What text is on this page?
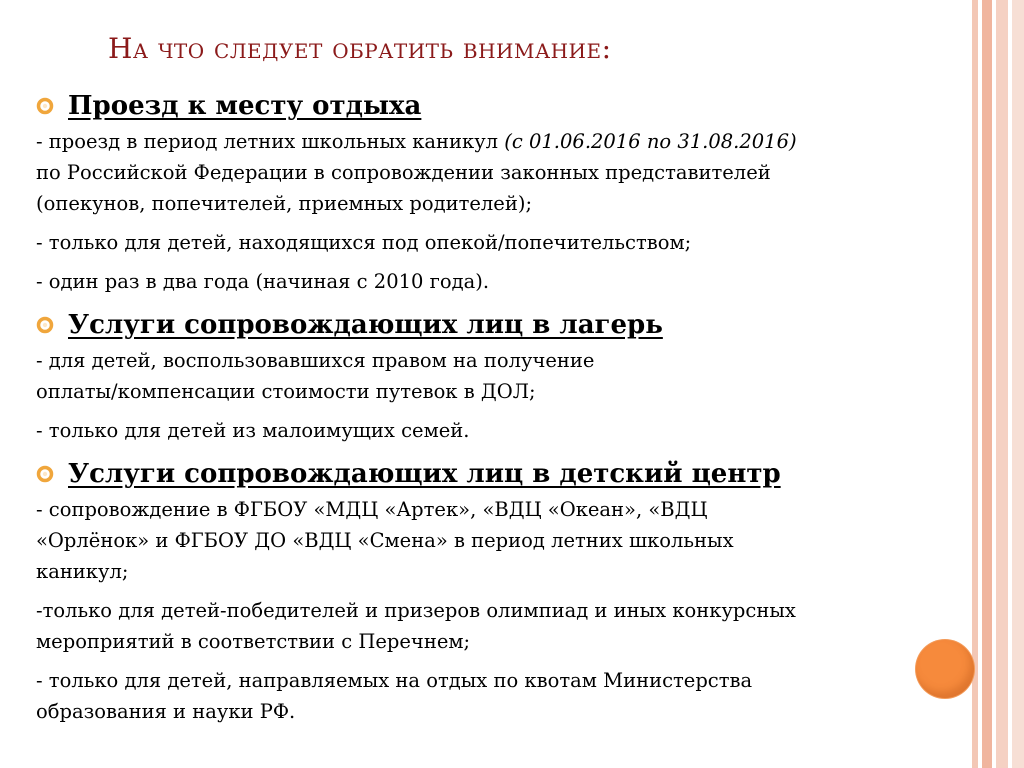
На что следует обратить внимание:
Проезд к месту отдыха
- проезд в период летних школьных каникул (с 01.06.2016 по 31.08.2016)
по Российской Федерации в сопровождении законных представителей
(опекунов, попечителей, приемных родителей);
- только для детей, находящихся под опекой/попечительством;
- один раз в два года (начиная с 2010 года).
Услуги сопровождающих лиц в лагерь
- для детей, воспользовавшихся правом на получение
оплаты/компенсации стоимости путевок в ДОЛ;
- только для детей из малоимущих семей.
Услуги сопровождающих лиц в детский центр
- сопровождение в ФГБОУ «МДЦ «Артек», «ВДЦ «Океан», «ВДЦ
«Орлёнок» и ФГБОУ ДО «ВДЦ «Смена» в период летних школьных
каникул;
-только для детей-победителей и призеров олимпиад и иных конкурсных
мероприятий в соответствии с Перечнем;
- только для детей, направляемых на отдых по квотам Министерства
образования и науки РФ.
